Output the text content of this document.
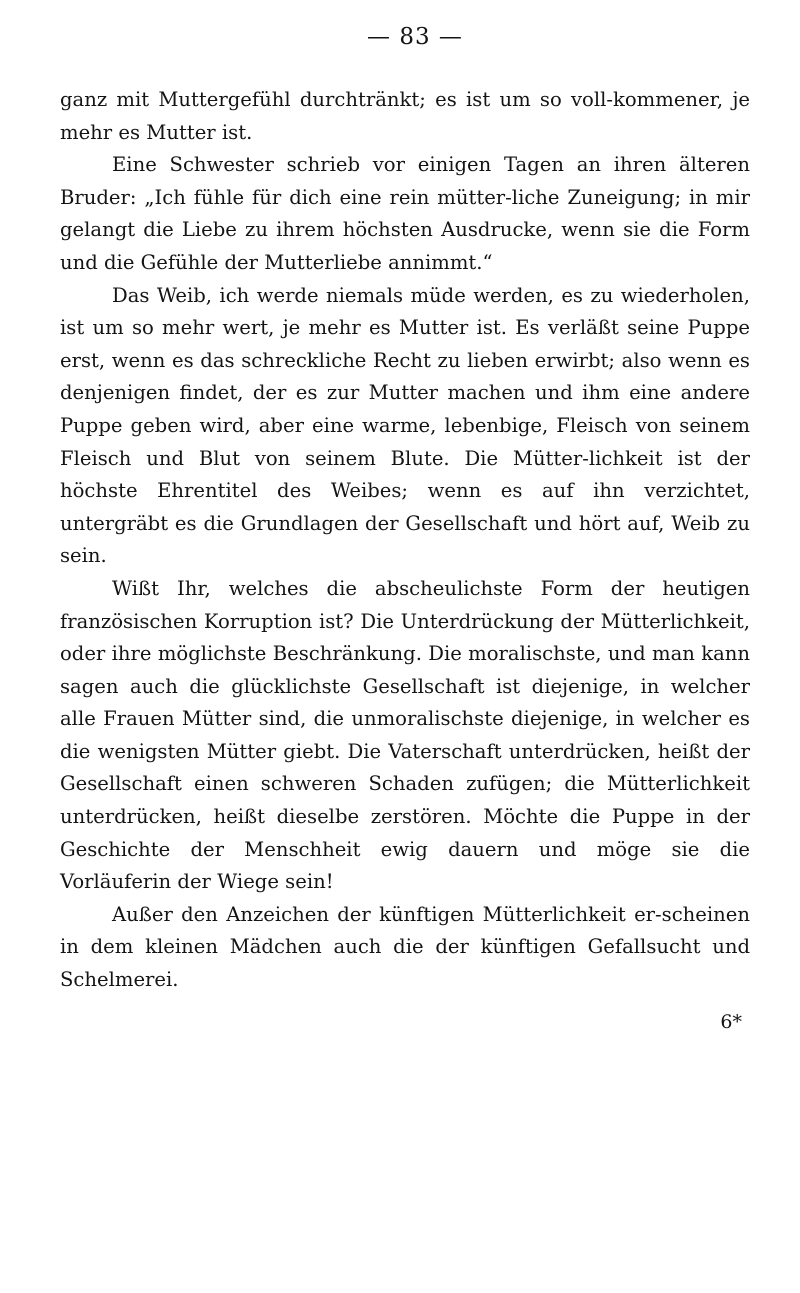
— 83 —

ganz mit Muttergefühl durchtränkt; es ist um so voll-kommener, je mehr es Mutter ist.

Eine Schwester schrieb vor einigen Tagen an ihren älteren Bruder: „Ich fühle für dich eine rein mütter-liche Zuneigung; in mir gelangt die Liebe zu ihrem höchsten Ausdrucke, wenn sie die Form und die Gefühle der Mutterliebe annimmt.“

Das Weib, ich werde niemals müde werden, es zu wiederholen, ist um so mehr wert, je mehr es Mutter ist. Es verläßt seine Puppe erst, wenn es das schreckliche Recht zu lieben erwirbt; also wenn es denjenigen findet, der es zur Mutter machen und ihm eine andere Puppe geben wird, aber eine warme, lebenbige, Fleisch von seinem Fleisch und Blut von seinem Blute. Die Mütter-lichkeit ist der höchste Ehrentitel des Weibes; wenn es auf ihn verzichtet, untergräbt es die Grundlagen der Gesellschaft und hört auf, Weib zu sein.

Wißt Ihr, welches die abscheulichste Form der heutigen französischen Korruption ist? Die Unterdrückung der Mütterlichkeit, oder ihre möglichste Beschränkung. Die moralischste, und man kann sagen auch die glücklichste Gesellschaft ist diejenige, in welcher alle Frauen Mütter sind, die unmoralischste diejenige, in welcher es die wenigsten Mütter giebt. Die Vaterschaft unterdrücken, heißt der Gesellschaft einen schweren Schaden zufügen; die Mütterlichkeit unterdrücken, heißt dieselbe zerstören. Möchte die Puppe in der Geschichte der Menschheit ewig dauern und möge sie die Vorläuferin der Wiege sein!

Außer den Anzeichen der künftigen Mütterlichkeit er-scheinen in dem kleinen Mädchen auch die der künftigen Gefallsucht und Schelmerei.

6*
